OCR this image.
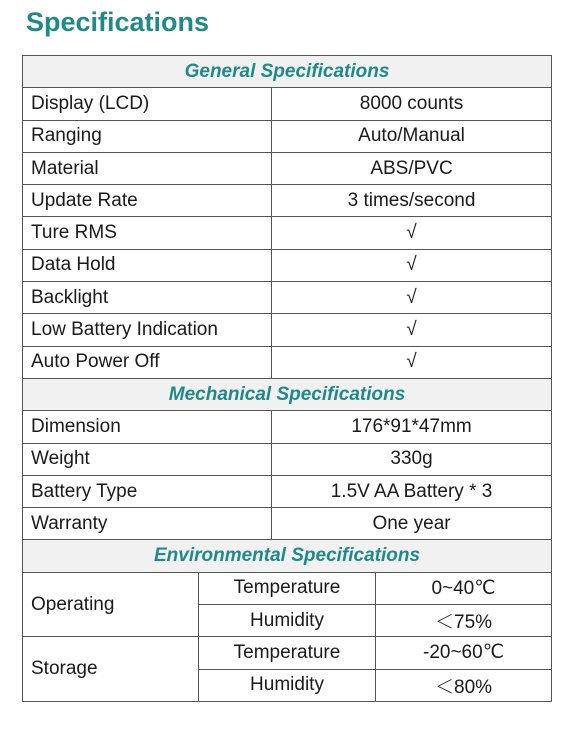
Specifications
General Specifications			
Display (LCD)		8000 counts	
Ranging		Auto/Manual	
Material		ABS/PVC	
Update Rate		3 times/second	
Ture RMS		√	
Data Hold		√	
Backlight		√	
Low Battery Indication		√	
Auto Power Off		√	
Mechanical Specifications			
Dimension		176*91*47mm	
Weight		330g	
Battery Type		1.5V AA Battery * 3	
Warranty		One year	
Environmental Specifications			
Operating	Temperature		0~40℃
	Humidity		＜75%
Storage	Temperature		-20~60℃
	Humidity		＜80%
